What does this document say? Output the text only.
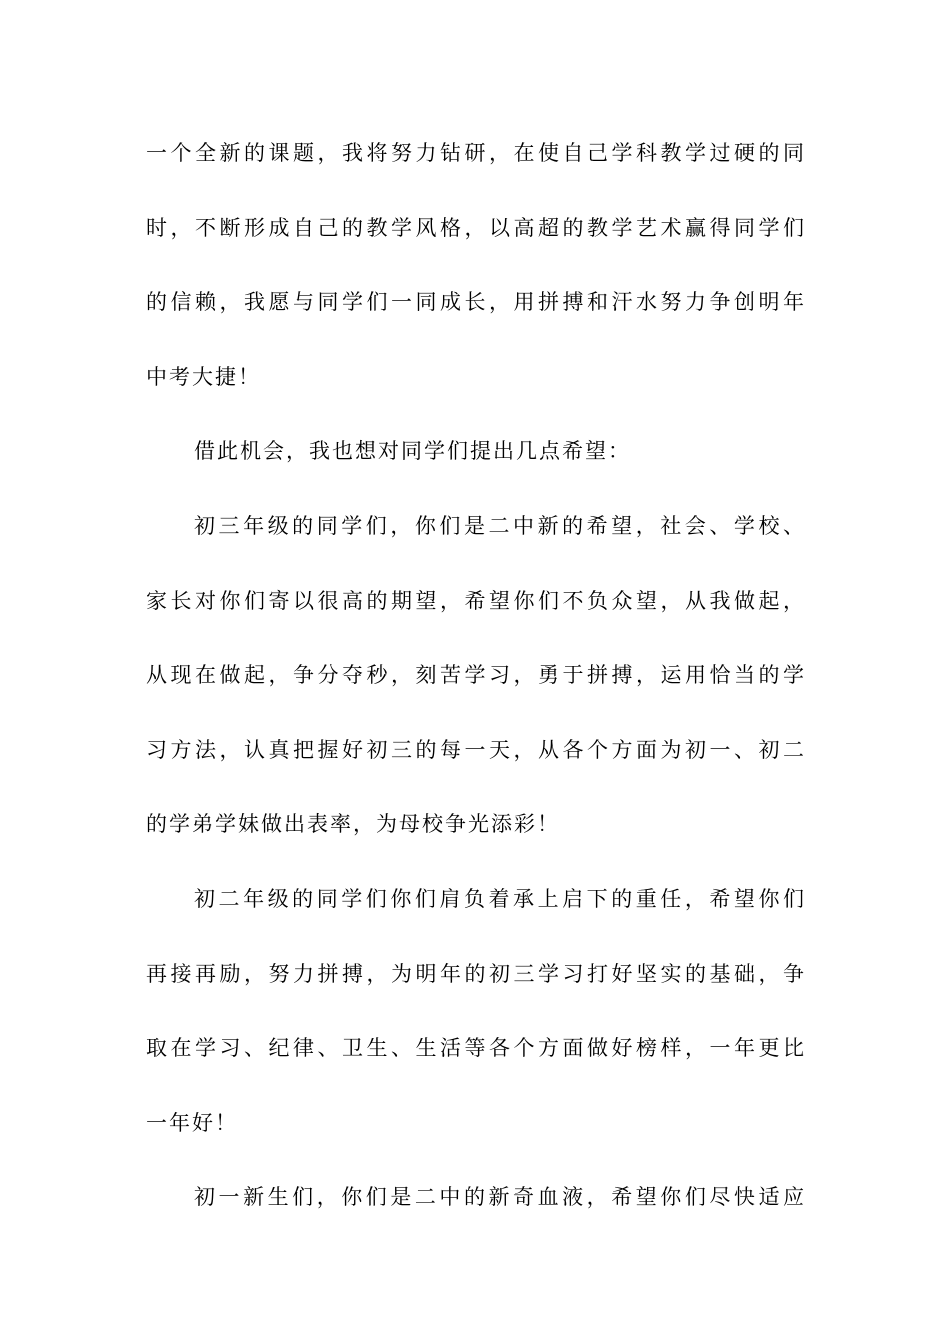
一个全新的课题，我将努力钻研，在使自己学科教学过硬的同
时，不断形成自己的教学风格，以高超的教学艺术赢得同学们
的信赖，我愿与同学们一同成长，用拼搏和汗水努力争创明年
中考大捷！
借此机会，我也想对同学们提出几点希望：
初三年级的同学们，你们是二中新的希望，社会、学校、
家长对你们寄以很高的期望，希望你们不负众望，从我做起，
从现在做起，争分夺秒，刻苦学习，勇于拼搏，运用恰当的学
习方法，认真把握好初三的每一天，从各个方面为初一、初二
的学弟学妹做出表率，为母校争光添彩！
初二年级的同学们你们肩负着承上启下的重任，希望你们
再接再励，努力拼搏，为明年的初三学习打好坚实的基础，争
取在学习、纪律、卫生、生活等各个方面做好榜样，一年更比
一年好！
初一新生们，你们是二中的新奇血液，希望你们尽快适应
